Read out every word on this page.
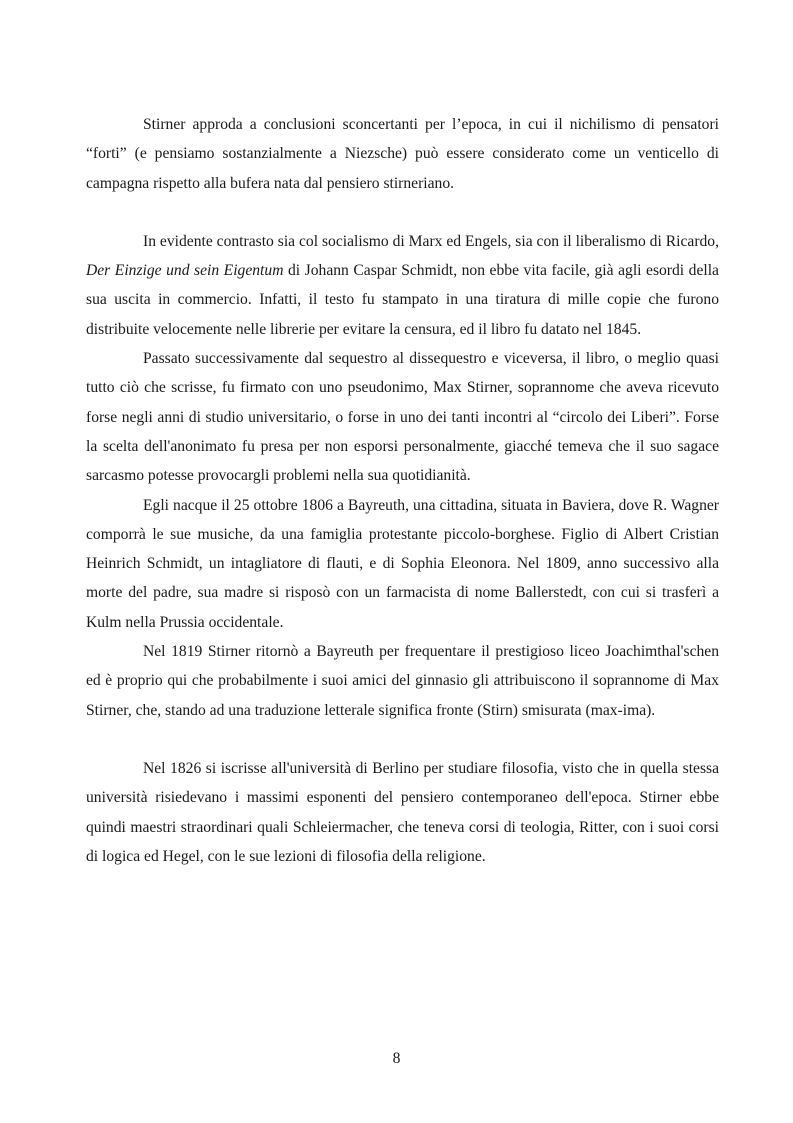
Stirner approda a conclusioni sconcertanti per l’epoca, in cui il nichilismo di pensatori “forti” (e pensiamo sostanzialmente a Niezsche) può essere considerato come un venticello di campagna rispetto alla bufera nata dal pensiero stirneriano.

In evidente contrasto sia col socialismo di Marx ed Engels, sia con il liberalismo di Ricardo, Der Einzige und sein Eigentum di Johann Caspar Schmidt, non ebbe vita facile, già agli esordi della sua uscita in commercio. Infatti, il testo fu stampato in una tiratura di mille copie che furono distribuite velocemente nelle librerie per evitare la censura, ed il libro fu datato nel 1845.

Passato successivamente dal sequestro al dissequestro e viceversa, il libro, o meglio quasi tutto ciò che scrisse, fu firmato con uno pseudonimo, Max Stirner, soprannome che aveva ricevuto forse negli anni di studio universitario, o forse in uno dei tanti incontri al “circolo dei Liberi”. Forse la scelta dell'anonimato fu presa per non esporsi personalmente, giacché temeva che il suo sagace sarcasmo potesse provocargli problemi nella sua quotidianità.

Egli nacque il 25 ottobre 1806 a Bayreuth, una cittadina, situata in Baviera, dove R. Wagner comporrà le sue musiche, da una famiglia protestante piccolo-borghese. Figlio di Albert Cristian Heinrich Schmidt, un intagliatore di flauti, e di Sophia Eleonora. Nel 1809, anno successivo alla morte del padre, sua madre si risposò con un farmacista di nome Ballerstedt, con cui si trasferì a Kulm nella Prussia occidentale.

Nel 1819 Stirner ritornò a Bayreuth per frequentare il prestigioso liceo Joachimthal'schen ed è proprio qui che probabilmente i suoi amici del ginnasio gli attribuiscono il soprannome di Max Stirner, che, stando ad una traduzione letterale significa fronte (Stirn) smisurata (max-ima).

Nel 1826 si iscrisse all'università di Berlino per studiare filosofia, visto che in quella stessa università risiedevano i massimi esponenti del pensiero contemporaneo dell'epoca. Stirner ebbe quindi maestri straordinari quali Schleiermacher, che teneva corsi di teologia, Ritter, con i suoi corsi di logica ed Hegel, con le sue lezioni di filosofia della religione.

8
